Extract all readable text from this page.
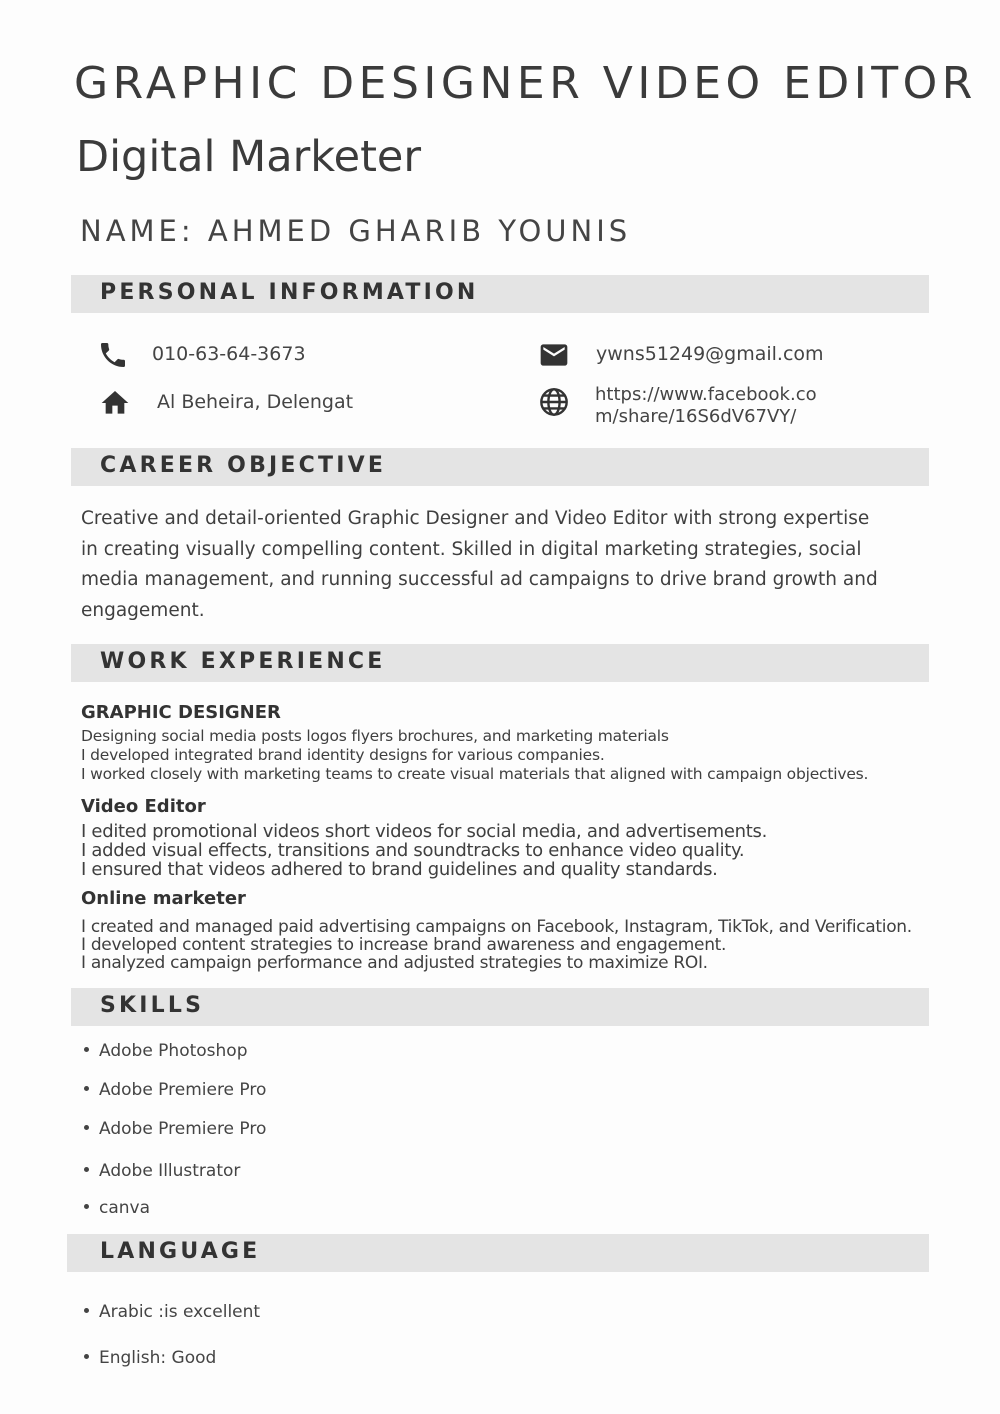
GRAPHIC DESIGNER VIDEO EDITOR
Digital Marketer
NAME: AHMED GHARIB YOUNIS
PERSONAL INFORMATION
010-63-64-3673	ywns51249@gmail.com
Al Beheira, Delengat	https://www.facebook.co
m/share/16S6dV67VY/
CAREER OBJECTIVE
Creative and detail-oriented Graphic Designer and Video Editor with strong expertise in creating visually compelling content. Skilled in digital marketing strategies, social media management, and running successful ad campaigns to drive brand growth and engagement.
WORK EXPERIENCE
GRAPHIC DESIGNER
Designing social media posts logos flyers brochures, and marketing materials
I developed integrated brand identity designs for various companies.
I worked closely with marketing teams to create visual materials that aligned with campaign objectives.
Video Editor
I edited promotional videos short videos for social media, and advertisements.
I added visual effects, transitions and soundtracks to enhance video quality.
I ensured that videos adhered to brand guidelines and quality standards.
Online marketer
I created and managed paid advertising campaigns on Facebook, Instagram, TikTok, and Verification.
I developed content strategies to increase brand awareness and engagement.
I analyzed campaign performance and adjusted strategies to maximize ROI.
SKILLS
Adobe Photoshop
Adobe Premiere Pro
Adobe Premiere Pro
Adobe Illustrator
canva
LANGUAGE
Arabic :is excellent
English: Good
